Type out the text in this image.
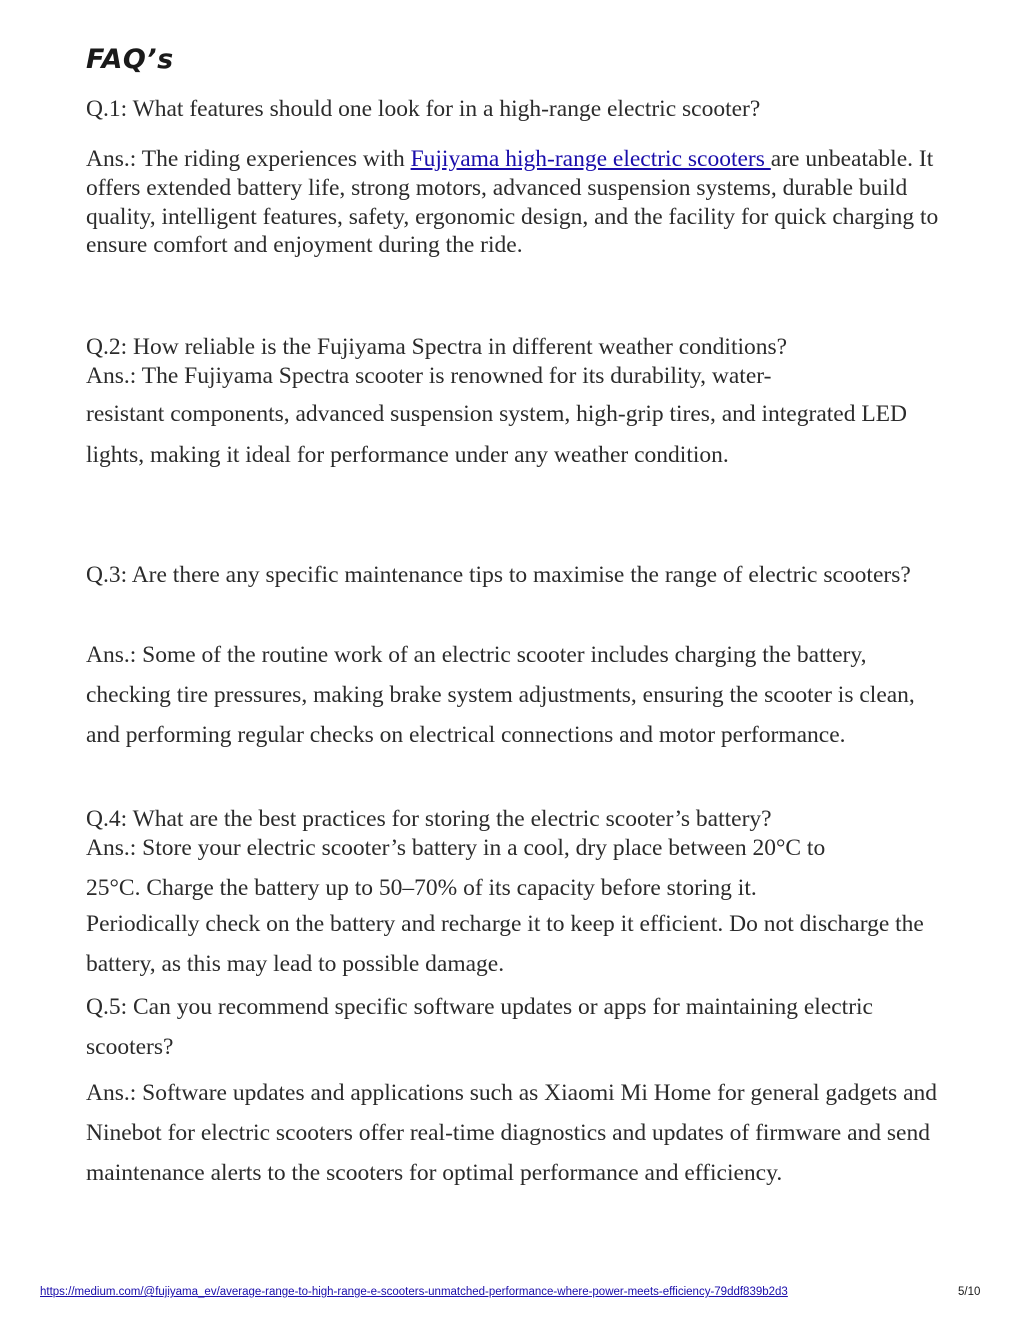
FAQ’s

Q.1: What features should one look for in a high-range electric scooter?

Ans.: The riding experiences with Fujiyama high-range electric scooters are unbeatable. It offers extended battery life, strong motors, advanced suspension systems, durable build quality, intelligent features, safety, ergonomic design, and the facility for quick charging to ensure comfort and enjoyment during the ride.

Q.2: How reliable is the Fujiyama Spectra in different weather conditions?

Ans.: The Fujiyama Spectra scooter is renowned for its durability, water-

resistant components, advanced suspension system, high-grip tires, and integrated LED lights, making it ideal for performance under any weather condition.

Q.3: Are there any specific maintenance tips to maximise the range of electric scooters?

Ans.: Some of the routine work of an electric scooter includes charging the battery, checking tire pressures, making brake system adjustments, ensuring the scooter is clean, and performing regular checks on electrical connections and motor performance.

Q.4: What are the best practices for storing the electric scooter’s battery?

Ans.: Store your electric scooter’s battery in a cool, dry place between 20°C to

25°C. Charge the battery up to 50–70% of its capacity before storing it.

Periodically check on the battery and recharge it to keep it efficient. Do not discharge the battery, as this may lead to possible damage.

Q.5: Can you recommend specific software updates or apps for maintaining electric scooters?

Ans.: Software updates and applications such as Xiaomi Mi Home for general gadgets and Ninebot for electric scooters offer real-time diagnostics and updates of firmware and send maintenance alerts to the scooters for optimal performance and efficiency.

https://medium.com/@fujiyama_ev/average-range-to-high-range-e-scooters-unmatched-performance-where-power-meets-efficiency-79ddf839b2d3	5/10
